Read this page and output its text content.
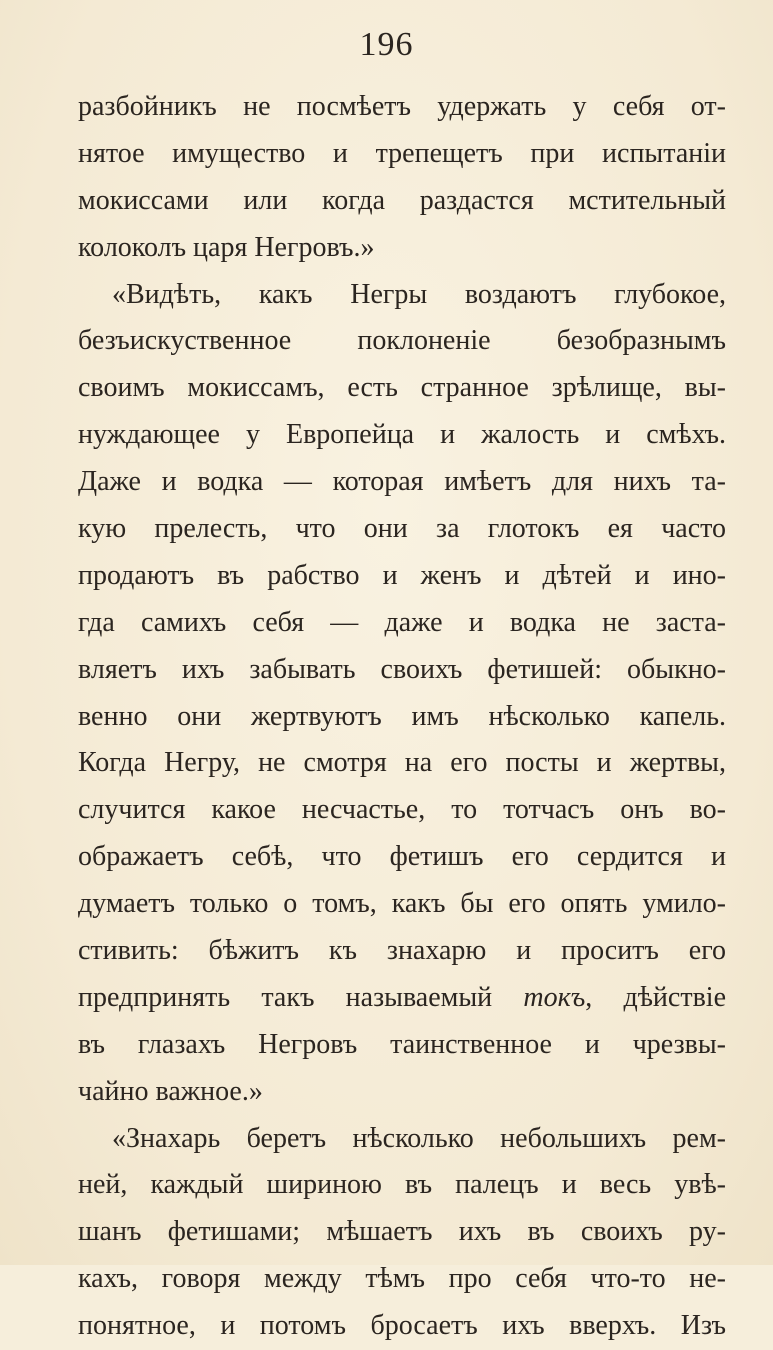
196
разбойникъ не посмѣетъ удержать у себя от-
нятое имущество и трепещетъ при испытаніи
мокиссами или когда раздастся мстительный
колоколъ царя Негровъ.»
«Видѣть, какъ Негры воздаютъ глубокое,
безъискуственное поклоненіе безобразнымъ
своимъ мокиссамъ, есть странное зрѣлище, вы-
нуждающее у Европейца и жалость и смѣхъ.
Даже и водка — которая имѣетъ для нихъ та-
кую прелесть, что они за глотокъ ея часто
продаютъ въ рабство и женъ и дѣтей и ино-
гда самихъ себя — даже и водка не заста-
вляетъ ихъ забывать своихъ фетишей: обыкно-
венно они жертвуютъ имъ нѣсколько капель.
Когда Негру, не смотря на его посты и жертвы,
случится какое несчастье, то тотчасъ онъ во-
ображаетъ себѣ, что фетишъ его сердится и
думаетъ только о томъ, какъ бы его опять умило-
стивить: бѣжитъ къ знахарю и проситъ его
предпринять такъ называемый токъ, дѣйствіе
въ глазахъ Негровъ таинственное и чрезвы-
чайно важное.»
«Знахарь беретъ нѣсколько небольшихъ рем-
ней, каждый шириною въ палецъ и весь увѣ-
шанъ фетишами; мѣшаетъ ихъ въ своихъ ру-
кахъ, говоря между тѣмъ про себя что-то не-
понятное, и потомъ бросаетъ ихъ вверхъ. Изъ
